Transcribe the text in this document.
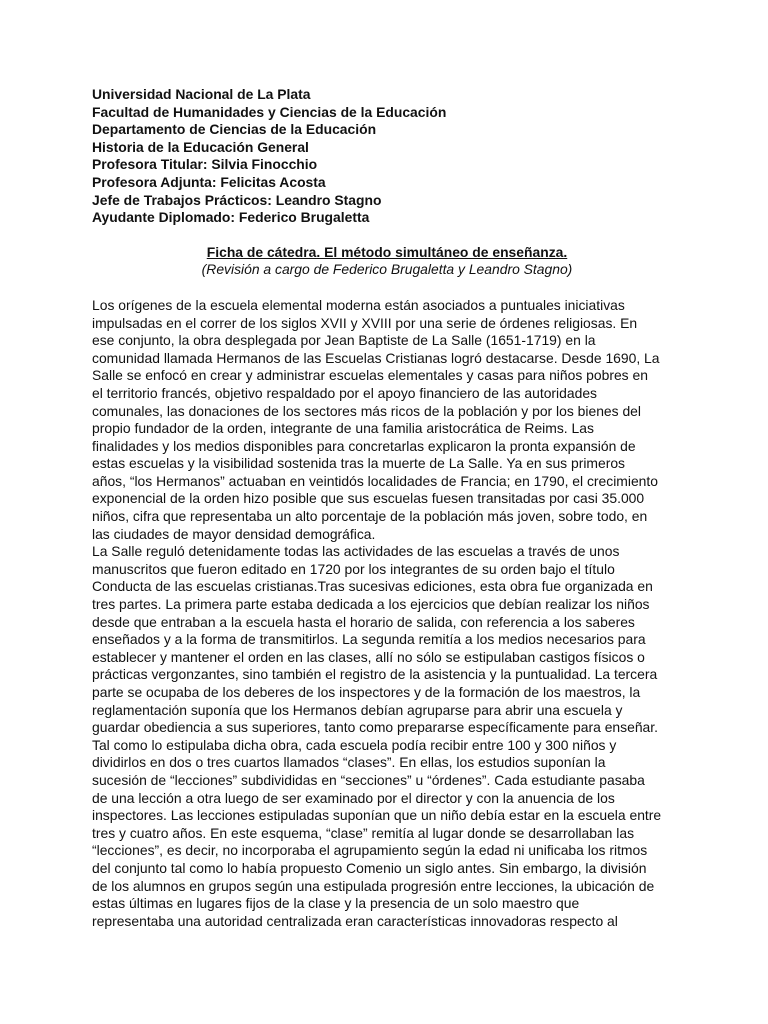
Universidad Nacional de La Plata
Facultad de Humanidades y Ciencias de la Educación
Departamento de Ciencias de la Educación
Historia de la Educación General
Profesora Titular: Silvia Finocchio
Profesora Adjunta: Felicitas Acosta
Jefe de Trabajos Prácticos: Leandro Stagno
Ayudante Diplomado: Federico Brugaletta
Ficha de cátedra. El método simultáneo de enseñanza.
(Revisión a cargo de Federico Brugaletta y Leandro Stagno)
Los orígenes de la escuela elemental moderna están asociados a puntuales iniciativas
impulsadas en el correr de los siglos XVII y XVIII por una serie de órdenes religiosas. En
ese conjunto, la obra desplegada por Jean Baptiste de La Salle (1651-1719) en la
comunidad llamada Hermanos de las Escuelas Cristianas logró destacarse. Desde 1690, La
Salle se enfocó en crear y administrar escuelas elementales y casas para niños pobres en
el territorio francés, objetivo respaldado por el apoyo financiero de las autoridades
comunales, las donaciones de los sectores más ricos de la población y por los bienes del
propio fundador de la orden, integrante de una familia aristocrática de Reims. Las
finalidades y los medios disponibles para concretarlas explicaron la pronta expansión de
estas escuelas y la visibilidad sostenida tras la muerte de La Salle. Ya en sus primeros
años, “los Hermanos” actuaban en veintidós localidades de Francia; en 1790, el crecimiento
exponencial de la orden hizo posible que sus escuelas fuesen transitadas por casi 35.000
niños, cifra que representaba un alto porcentaje de la población más joven, sobre todo, en
las ciudades de mayor densidad demográfica.
La Salle reguló detenidamente todas las actividades de las escuelas a través de unos
manuscritos que fueron editado en 1720 por los integrantes de su orden bajo el título
Conducta de las escuelas cristianas.Tras sucesivas ediciones, esta obra fue organizada en
tres partes. La primera parte estaba dedicada a los ejercicios que debían realizar los niños
desde que entraban a la escuela hasta el horario de salida, con referencia a los saberes
enseñados y a la forma de transmitirlos. La segunda remitía a los medios necesarios para
establecer y mantener el orden en las clases, allí no sólo se estipulaban castigos físicos o
prácticas vergonzantes, sino también el registro de la asistencia y la puntualidad. La tercera
parte se ocupaba de los deberes de los inspectores y de la formación de los maestros, la
reglamentación suponía que los Hermanos debían agruparse para abrir una escuela y
guardar obediencia a sus superiores, tanto como prepararse específicamente para enseñar.
Tal como lo estipulaba dicha obra, cada escuela podía recibir entre 100 y 300 niños y
dividirlos en dos o tres cuartos llamados “clases”. En ellas, los estudios suponían la
sucesión de “lecciones” subdivididas en “secciones” u “órdenes”. Cada estudiante pasaba
de una lección a otra luego de ser examinado por el director y con la anuencia de los
inspectores. Las lecciones estipuladas suponían que un niño debía estar en la escuela entre
tres y cuatro años. En este esquema, “clase” remitía al lugar donde se desarrollaban las
“lecciones”, es decir, no incorporaba el agrupamiento según la edad ni unificaba los ritmos
del conjunto tal como lo había propuesto Comenio un siglo antes. Sin embargo, la división
de los alumnos en grupos según una estipulada progresión entre lecciones, la ubicación de
estas últimas en lugares fijos de la clase y la presencia de un solo maestro que
representaba una autoridad centralizada eran características innovadoras respecto al
